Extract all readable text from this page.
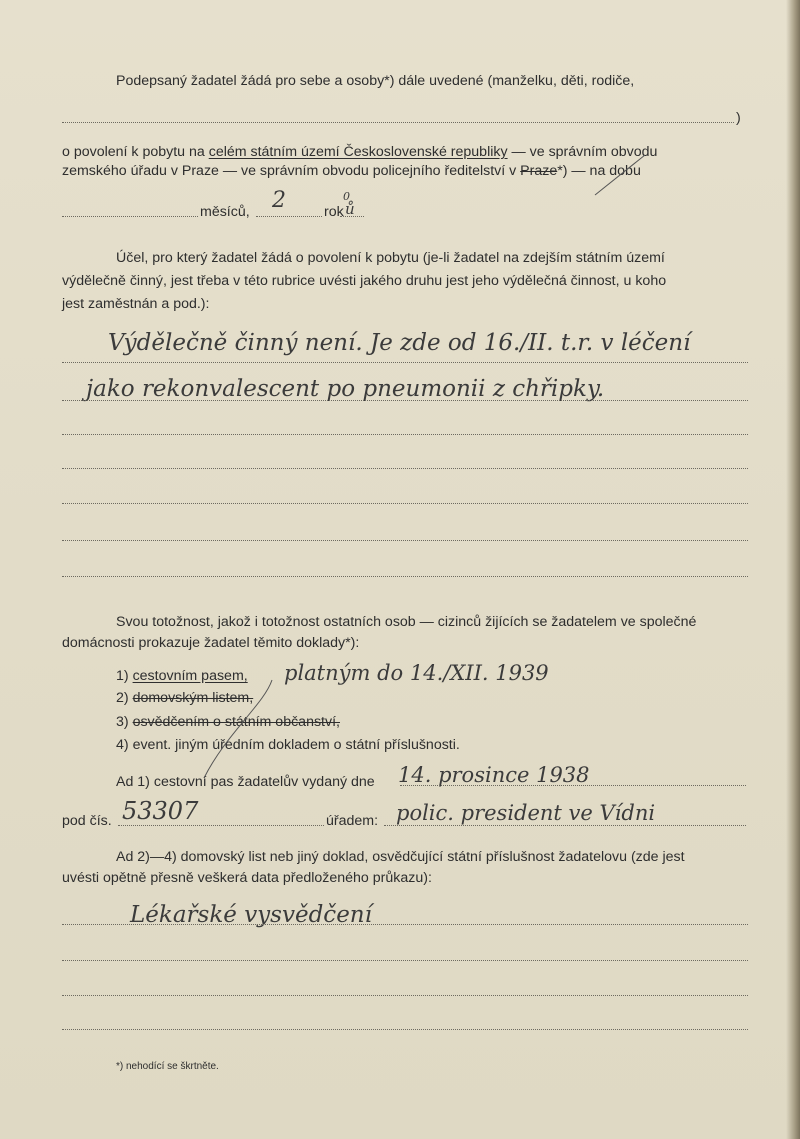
Podepsaný žadatel žádá pro sebe a osoby*) dále uvedené (manželku, děti, rodiče,
)
o povolení k pobytu na celém státním území Československé republiky — ve správním obvodu
zemského úřadu v Praze — ve správním obvodu policejního ředitelství v Praze*) — na dobu
měsíců, 2	rok ů
0
Účel, pro který žadatel žádá o povolení k pobytu (je-li žadatel na zdejším státním území
výdělečně činný, jest třeba v této rubrice uvésti jakého druhu jest jeho výdělečná činnost, u koho
jest zaměstnán a pod.):
Výdělečně činný není. Je zde od 16./II. t.r. v léčení
jako rekonvalescent po pneumonii z chřipky.
Svou totožnost, jakož i totožnost ostatních osob — cizinců žijících se žadatelem ve společné
domácnosti prokazuje žadatel těmito doklady*):
1) cestovním pasem, platným do 14./XII. 1939
2) domovským listem,
3) osvědčením o státním občanství,
4) event. jiným úředním dokladem o státní příslušnosti.
Ad 1) cestovní pas žadatelův vydaný dne 14. prosince 1938
pod čís. 53307	úřadem: polic. president ve Vídni
Ad 2)—4) domovský list neb jiný doklad, osvědčující státní příslušnost žadatelovu (zde jest
uvésti opětně přesně veškerá data předloženého průkazu):
Lékařské vysvědčení
*) nehodící se škrtněte.
